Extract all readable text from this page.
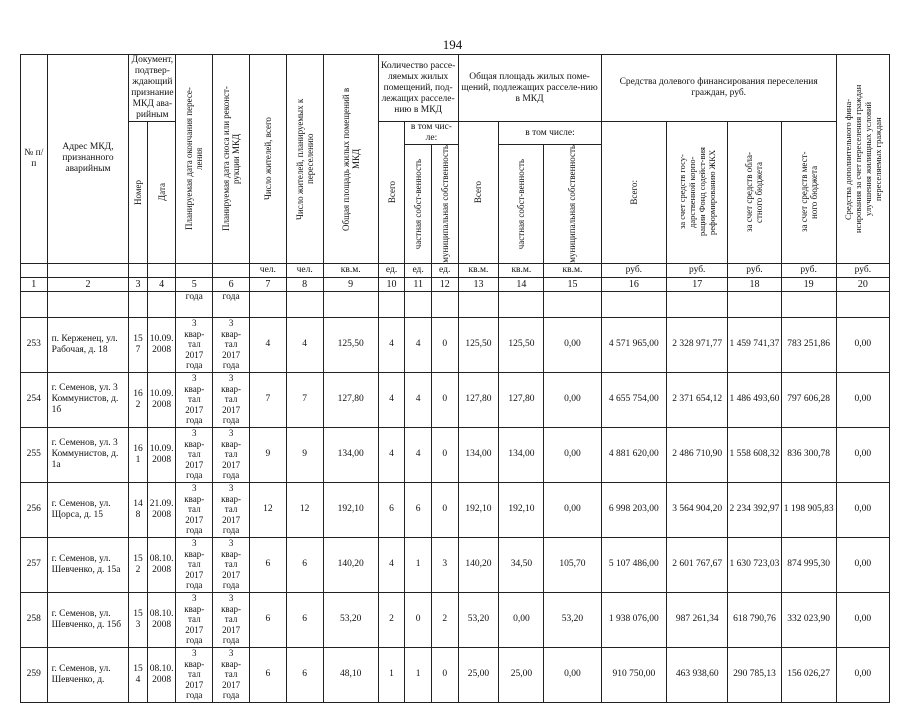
194
№ п/п	Адрес МКД, признанного аварийным	Документ, подтвер-ждающий признание МКД ава-рийным		Планируемая дата окончания пересе-ления	Планируемая дата сноса или реконст-рукции МКД	Число жителей, всего	Число жителей, планируемых к переселению	Общая площадь жилых помещений в МКД	Количество рассе-ляемых жилых помещений, под-лежащих расселе-нию в МКД			Общая площадь жилых поме-щений, подлежащих расселе-нию в МКД			Средства долевого финансирования переселения граждан, руб.				Средства дополнительного фина-нсирования за счет переселения граждан улучшения жилищных условий переселяемых граждан

		Номер	Дата						Всего	в том чис-ле:		Всего	в том числе:		Всего:	за счет средств госу-дарственной корпо-рации Фонд содейст-вия реформированию ЖКХ	за счет средств обла-стного бюджета	за счет средств мест-ного бюджета	

										частная собст-венность	муниципальная собственность		частная собст-венность	муниципальная собственность					

						чел.	чел.	кв.м.	ед.	ед.	ед.	кв.м.	кв.м.	кв.м.	руб.	руб.	руб.	руб.	руб.
1	2	3	4	5	6	7	8	9	10	11	12	13	14	15	16	17	18	19	20
				года	года														
253	п. Керженец, ул. Рабочая, д. 18	15 7	10.09. 2008	3
квар-
тал
2017
года	3
квар-
тал
2017
года	4	4	125,50	4	4	0	125,50	125,50	0,00	4 571 965,00	2 328 971,77	1 459 741,37	783 251,86	0,00
254	г. Семенов, ул. 3 Коммунистов, д. 1б	16 2	10.09. 2008	3
квар-
тал
2017
года	3
квар-
тал
2017
года	7	7	127,80	4	4	0	127,80	127,80	0,00	4 655 754,00	2 371 654,12	1 486 493,60	797 606,28	0,00
255	г. Семенов, ул. 3 Коммунистов, д. 1а	16 1	10.09. 2008	3
квар-
тал
2017
года	3
квар-
тал
2017
года	9	9	134,00	4	4	0	134,00	134,00	0,00	4 881 620,00	2 486 710,90	1 558 608,32	836 300,78	0,00
256	г. Семенов, ул. Щорса, д. 15	14 8	21.09. 2008	3
квар-
тал
2017
года	3
квар-
тал
2017
года	12	12	192,10	6	6	0	192,10	192,10	0,00	6 998 203,00	3 564 904,20	2 234 392,97	1 198 905,83	0,00
257	г. Семенов, ул. Шевченко, д. 15а	15 2	08.10. 2008	3
квар-
тал
2017
года	3
квар-
тал
2017
года	6	6	140,20	4	1	3	140,20	34,50	105,70	5 107 486,00	2 601 767,67	1 630 723,03	874 995,30	0,00
258	г. Семенов, ул. Шевченко, д. 15б	15 3	08.10. 2008	3
квар-
тал
2017
года	3
квар-
тал
2017
года	6	6	53,20	2	0	2	53,20	0,00	53,20	1 938 076,00	987 261,34	618 790,76	332 023,90	0,00
259	г. Семенов, ул. Шевченко, д.	15 4	08.10. 2008	3
квар-
тал
2017
года	3
квар-
тал
2017
года	6	6	48,10	1	1	0	25,00	25,00	0,00	910 750,00	463 938,60	290 785,13	156 026,27	0,00
